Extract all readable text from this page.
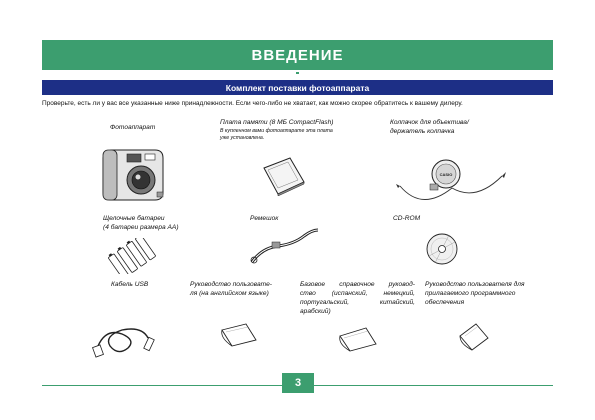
ВВЕДЕНИЕ
Комплект поставки фотоаппарата
Проверьте, есть ли у вас все указанные ниже принадлежности. Если чего-либо не хватает, как можно скорее обратитесь к вашему дилеру.
Фотоаппарат
Плата памяти (8 МБ CompactFlash)
В купленном вами фотоаппарате эта плата
уже установлена.
Колпачок для объектива/
держатель колпачка
CASIO
Щелочные батареи
(4 батареи размера АА)
Ремешок	CD-ROM
Кабель USB	Руководство пользовате-
ля (на английском языке)
Базовое справочное руковод-
ство (испанский, немецкий,
португальский, китайский,
арабский)
Руководство пользователя для
прилагаемого программного
обеспечения
3
